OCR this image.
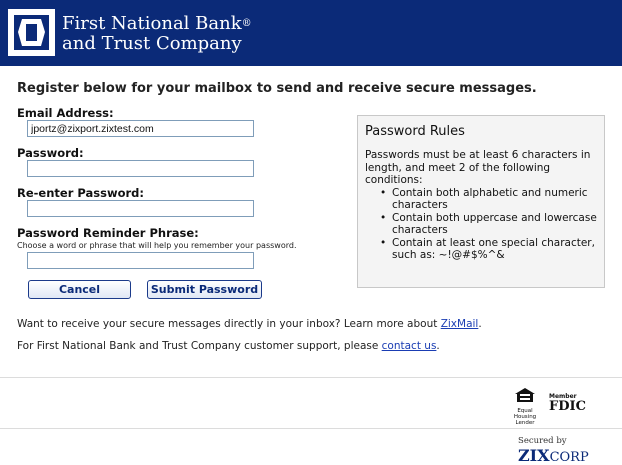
First National Bank®
and Trust Company
Register below for your mailbox to send and receive secure messages.
Email Address:
jportz@zixport.zixtest.com
Password:
Re-enter Password:
Password Reminder Phrase:
Choose a word or phrase that will help you remember your password.
Cancel	Submit Password
Password Rules
Passwords must be at least 6 characters in length, and meet 2 of the following conditions:
• Contain both alphabetic and numeric characters
• Contain both uppercase and lowercase characters
• Contain at least one special character, such as: ~!@#$%^&
Want to receive your secure messages directly in your inbox? Learn more about ZixMail.
For First National Bank and Trust Company customer support, please contact us.
Equal
Housing
Lender
Member
FDIC
Secured by ZIXCORP
